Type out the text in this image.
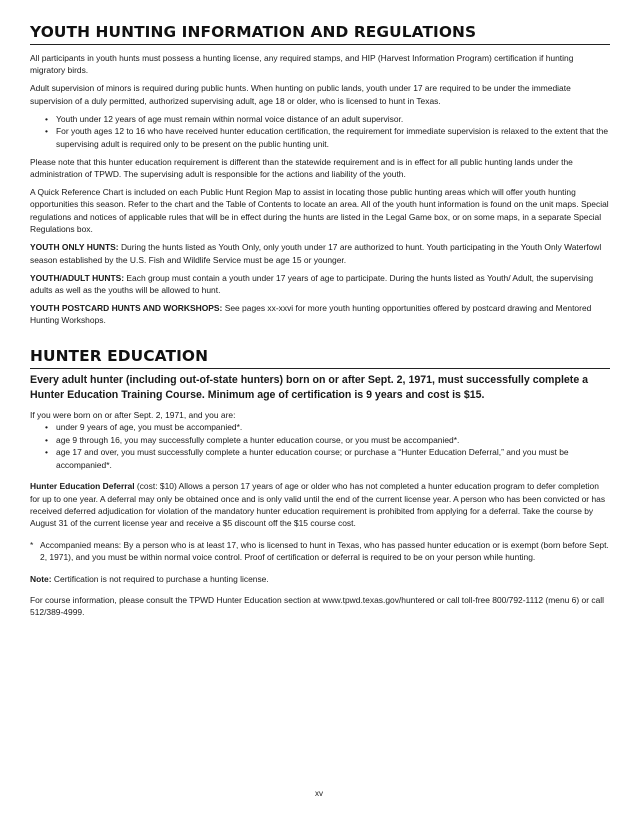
YOUTH HUNTING INFORMATION AND REGULATIONS

All participants in youth hunts must possess a hunting license, any required stamps, and HIP (Harvest Information Program) certification if hunting migratory birds.

Adult supervision of minors is required during public hunts. When hunting on public lands, youth under 17 are required to be under the immediate supervision of a duly permitted, authorized supervising adult, age 18 or older, who is licensed to hunt in Texas.

• Youth under 12 years of age must remain within normal voice distance of an adult supervisor.
• For youth ages 12 to 16 who have received hunter education certification, the requirement for immediate supervision is relaxed to the extent that the supervising adult is required only to be present on the public hunting unit.

Please note that this hunter education requirement is different than the statewide requirement and is in effect for all public hunting lands under the administration of TPWD. The supervising adult is responsible for the actions and liability of the youth.

A Quick Reference Chart is included on each Public Hunt Region Map to assist in locating those public hunting areas which will offer youth hunting opportunities this season. Refer to the chart and the Table of Contents to locate an area. All of the youth hunt information is found on the unit maps. Special regulations and notices of applicable rules that will be in effect during the hunts are listed in the Legal Game box, or on some maps, in a separate Special Regulations box.

YOUTH ONLY HUNTS: During the hunts listed as Youth Only, only youth under 17 are authorized to hunt. Youth participating in the Youth Only Waterfowl season established by the U.S. Fish and Wildlife Service must be age 15 or younger.

YOUTH/ADULT HUNTS: Each group must contain a youth under 17 years of age to participate. During the hunts listed as Youth/ Adult, the supervising adults as well as the youths will be allowed to hunt.

YOUTH POSTCARD HUNTS AND WORKSHOPS: See pages xx-xxvi for more youth hunting opportunities offered by postcard drawing and Mentored Hunting Workshops.

HUNTER EDUCATION

Every adult hunter (including out-of-state hunters) born on or after Sept. 2, 1971, must successfully complete a Hunter Education Training Course. Minimum age of certification is 9 years and cost is $15.

If you were born on or after Sept. 2, 1971, and you are:

• under 9 years of age, you must be accompanied*.
• age 9 through 16, you may successfully complete a hunter education course, or you must be accompanied*.
• age 17 and over, you must successfully complete a hunter education course; or purchase a “Hunter Education Deferral,” and you must be accompanied*.

Hunter Education Deferral (cost: $10) Allows a person 17 years of age or older who has not completed a hunter education program to defer completion for up to one year. A deferral may only be obtained once and is only valid until the end of the current license year. A person who has been convicted or has received deferred adjudication for violation of the mandatory hunter education requirement is prohibited from applying for a deferral. Take the course by August 31 of the current license year and receive a $5 discount off the $15 course cost.

* Accompanied means: By a person who is at least 17, who is licensed to hunt in Texas, who has passed hunter education or is exempt (born before Sept. 2, 1971), and you must be within normal voice control. Proof of certification or deferral is required to be on your person while hunting.

Note: Certification is not required to purchase a hunting license.

For course information, please consult the TPWD Hunter Education section at www.tpwd.texas.gov/huntered or call toll-free 800/792-1112 (menu 6) or call 512/389-4999.

xv
